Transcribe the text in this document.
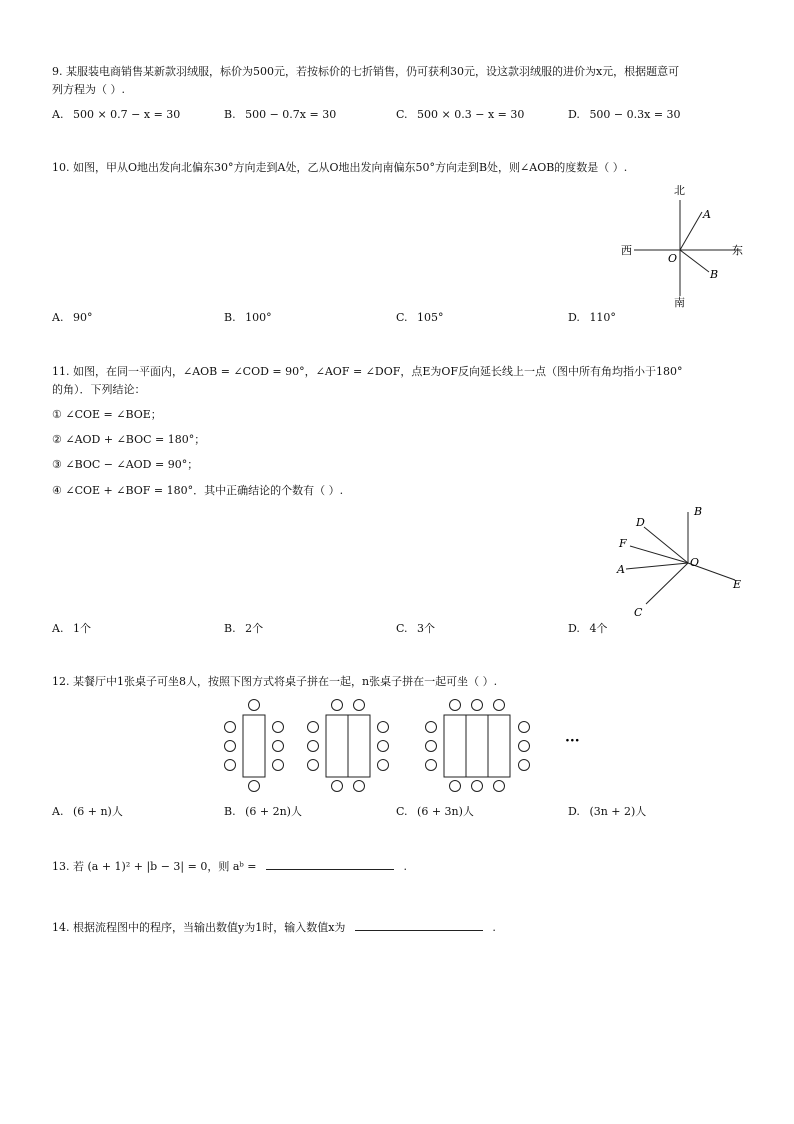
9. 某服装电商销售某新款羽绒服，标价为500元，若按标价的七折销售，仍可获利30元，设这款羽绒服的进价为x元，根据题意可
列方程为（ ）.
A. 500 × 0.7 − x = 30	B. 500 − 0.7x = 30	C. 500 × 0.3 − x = 30	D. 500 − 0.3x = 30
10. 如图，甲从O地出发向北偏东30°方向走到A处，乙从O地出发向南偏东50°方向走到B处，则∠AOB的度数是（ ）.
北
南
东
西
O
A
B
A. 90°	B. 100°	C. 105°	D. 110°
11. 如图，在同一平面内，∠AOB = ∠COD = 90°，∠AOF = ∠DOF，点E为OF反向延长线上一点（图中所有角均指小于180°
的角）．下列结论：
① ∠COE = ∠BOE；
② ∠AOD + ∠BOC = 180°；
③ ∠BOC − ∠AOD = 90°；
④ ∠COE + ∠BOF = 180°．其中正确结论的个数有（ ）.
B
D
F
A
O
E
C
A. 1个	B. 2个	C. 3个	D. 4个
12. 某餐厅中1张桌子可坐8人，按照下图方式将桌子拼在一起，n张桌子拼在一起可坐（ ）.
···
A. (6 + n)人	B. (6 + 2n)人	C. (6 + 3n)人	D. (3n + 2)人
13. 若 (a + 1)² + |b − 3| = 0，则 aᵇ =	.
14. 根据流程图中的程序，当输出数值y为1时，输入数值x为	.
